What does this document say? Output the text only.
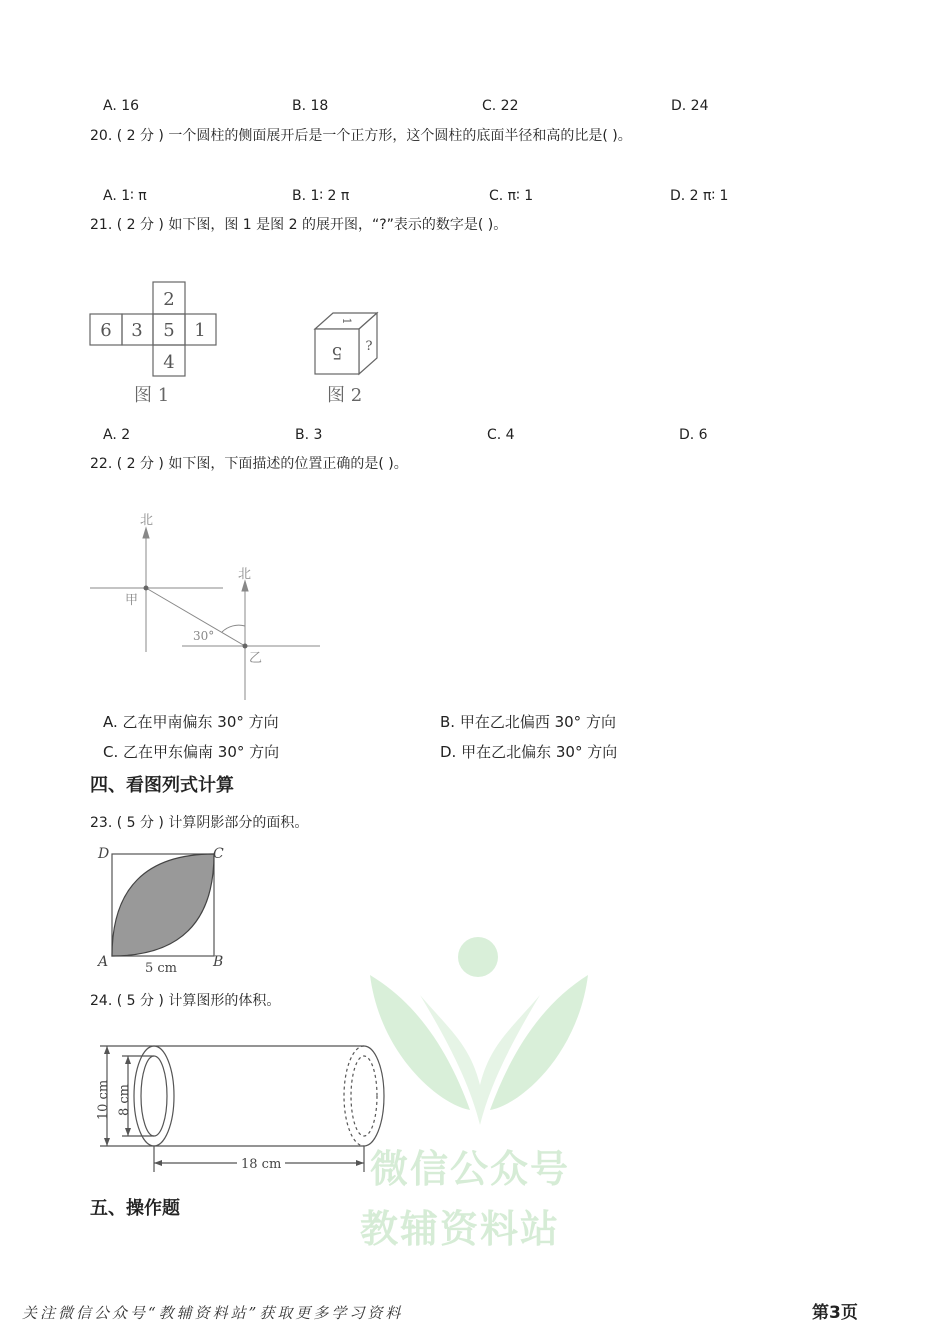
微信公众号
教辅资料站
A. 16	B. 18	C. 22	D. 24
20. ( 2 分 ) 一个圆柱的侧面展开后是一个正方形，这个圆柱的底面半径和高的比是( )。
A. 1∶ π	B. 1∶ 2 π	C. π∶ 1	D. 2 π∶ 1
21. ( 2 分 ) 如下图，图 1 是图 2 的展开图，“?”表示的数字是( )。
2
6 3 5 1
4
图 1
1
5 ?
图 2
A. 2	B. 3	C. 4	D. 6
22. ( 2 分 ) 如下图，下面描述的位置正确的是( )。
北
北
甲
30°
乙
A. 乙在甲南偏东 30° 方向	B. 甲在乙北偏西 30° 方向
C. 乙在甲东偏南 30° 方向	D. 甲在乙北偏东 30° 方向
四、看图列式计算
23. ( 5 分 ) 计算阴影部分的面积。
D	C
A	B
5 cm
24. ( 5 分 ) 计算图形的体积。
10 cm 8 cm
18 cm
五、操作题
关注微信公众号“教辅资料站”获取更多学习资料	第3页
